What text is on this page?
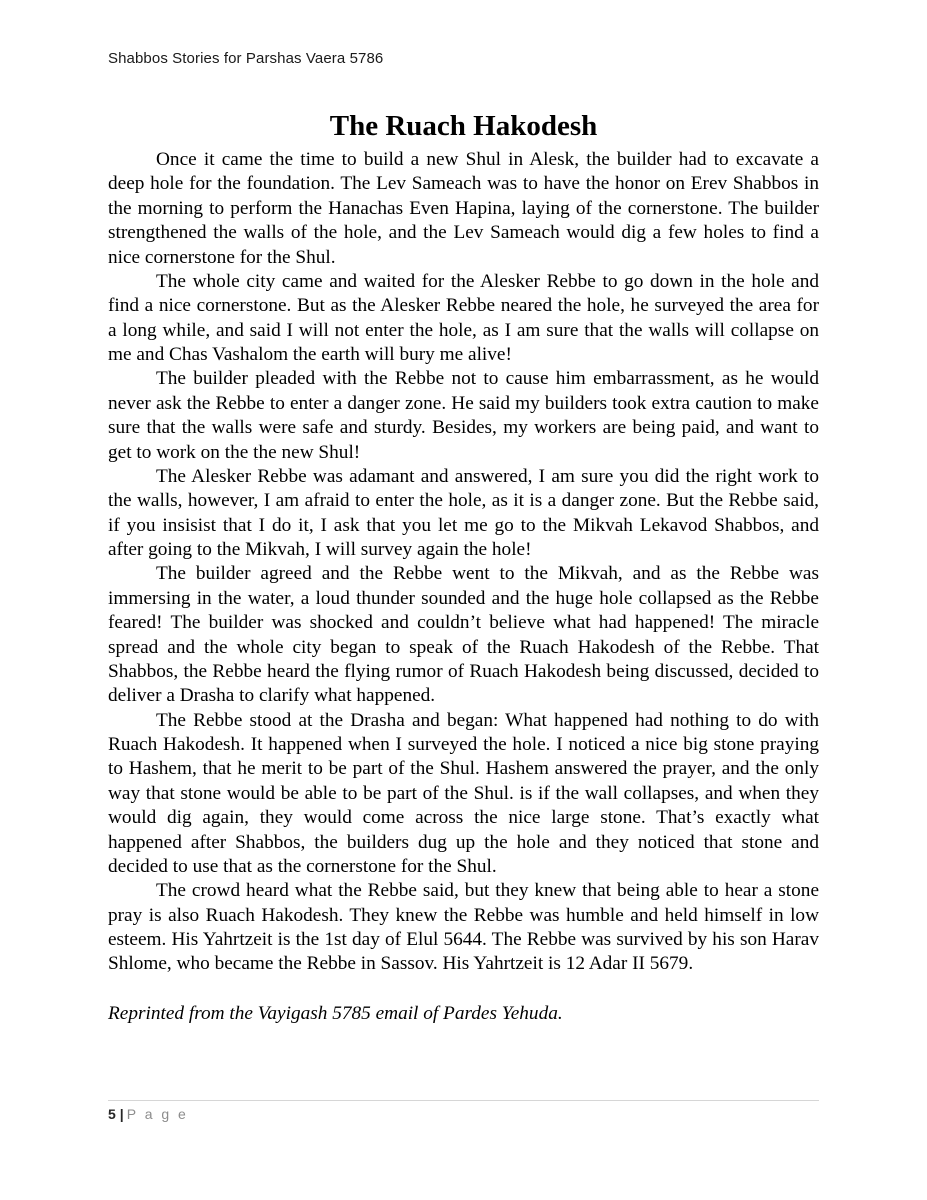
Shabbos Stories for Parshas Vaera 5786
The Ruach Hakodesh

Once it came the time to build a new Shul in Alesk, the builder had to excavate a deep hole for the foundation. The Lev Sameach was to have the honor on Erev Shabbos in the morning to perform the Hanachas Even Hapina, laying of the cornerstone. The builder strengthened the walls of the hole, and the Lev Sameach would dig a few holes to find a nice cornerstone for the Shul.

The whole city came and waited for the Alesker Rebbe to go down in the hole and find a nice cornerstone. But as the Alesker Rebbe neared the hole, he surveyed the area for a long while, and said I will not enter the hole, as I am sure that the walls will collapse on me and Chas Vashalom the earth will bury me alive!

The builder pleaded with the Rebbe not to cause him embarrassment, as he would never ask the Rebbe to enter a danger zone. He said my builders took extra caution to make sure that the walls were safe and sturdy. Besides, my workers are being paid, and want to get to work on the the new Shul!

The Alesker Rebbe was adamant and answered, I am sure you did the right work to the walls, however, I am afraid to enter the hole, as it is a danger zone. But the Rebbe said, if you insisist that I do it, I ask that you let me go to the Mikvah Lekavod Shabbos, and after going to the Mikvah, I will survey again the hole!

The builder agreed and the Rebbe went to the Mikvah, and as the Rebbe was immersing in the water, a loud thunder sounded and the huge hole collapsed as the Rebbe feared! The builder was shocked and couldn’t believe what had happened! The miracle spread and the whole city began to speak of the Ruach Hakodesh of the Rebbe. That Shabbos, the Rebbe heard the flying rumor of Ruach Hakodesh being discussed, decided to deliver a Drasha to clarify what happened.

The Rebbe stood at the Drasha and began: What happened had nothing to do with Ruach Hakodesh. It happened when I surveyed the hole. I noticed a nice big stone praying to Hashem, that he merit to be part of the Shul. Hashem answered the prayer, and the only way that stone would be able to be part of the Shul. is if the wall collapses, and when they would dig again, they would come across the nice large stone. That’s exactly what happened after Shabbos, the builders dug up the hole and they noticed that stone and decided to use that as the cornerstone for the Shul.

The crowd heard what the Rebbe said, but they knew that being able to hear a stone pray is also Ruach Hakodesh. They knew the Rebbe was humble and held himself in low esteem. His Yahrtzeit is the 1st day of Elul 5644. The Rebbe was survived by his son Harav Shlome, who became the Rebbe in Sassov. His Yahrtzeit is 12 Adar II 5679.

Reprinted from the Vayigash 5785 email of Pardes Yehuda.

5 | P a g e
